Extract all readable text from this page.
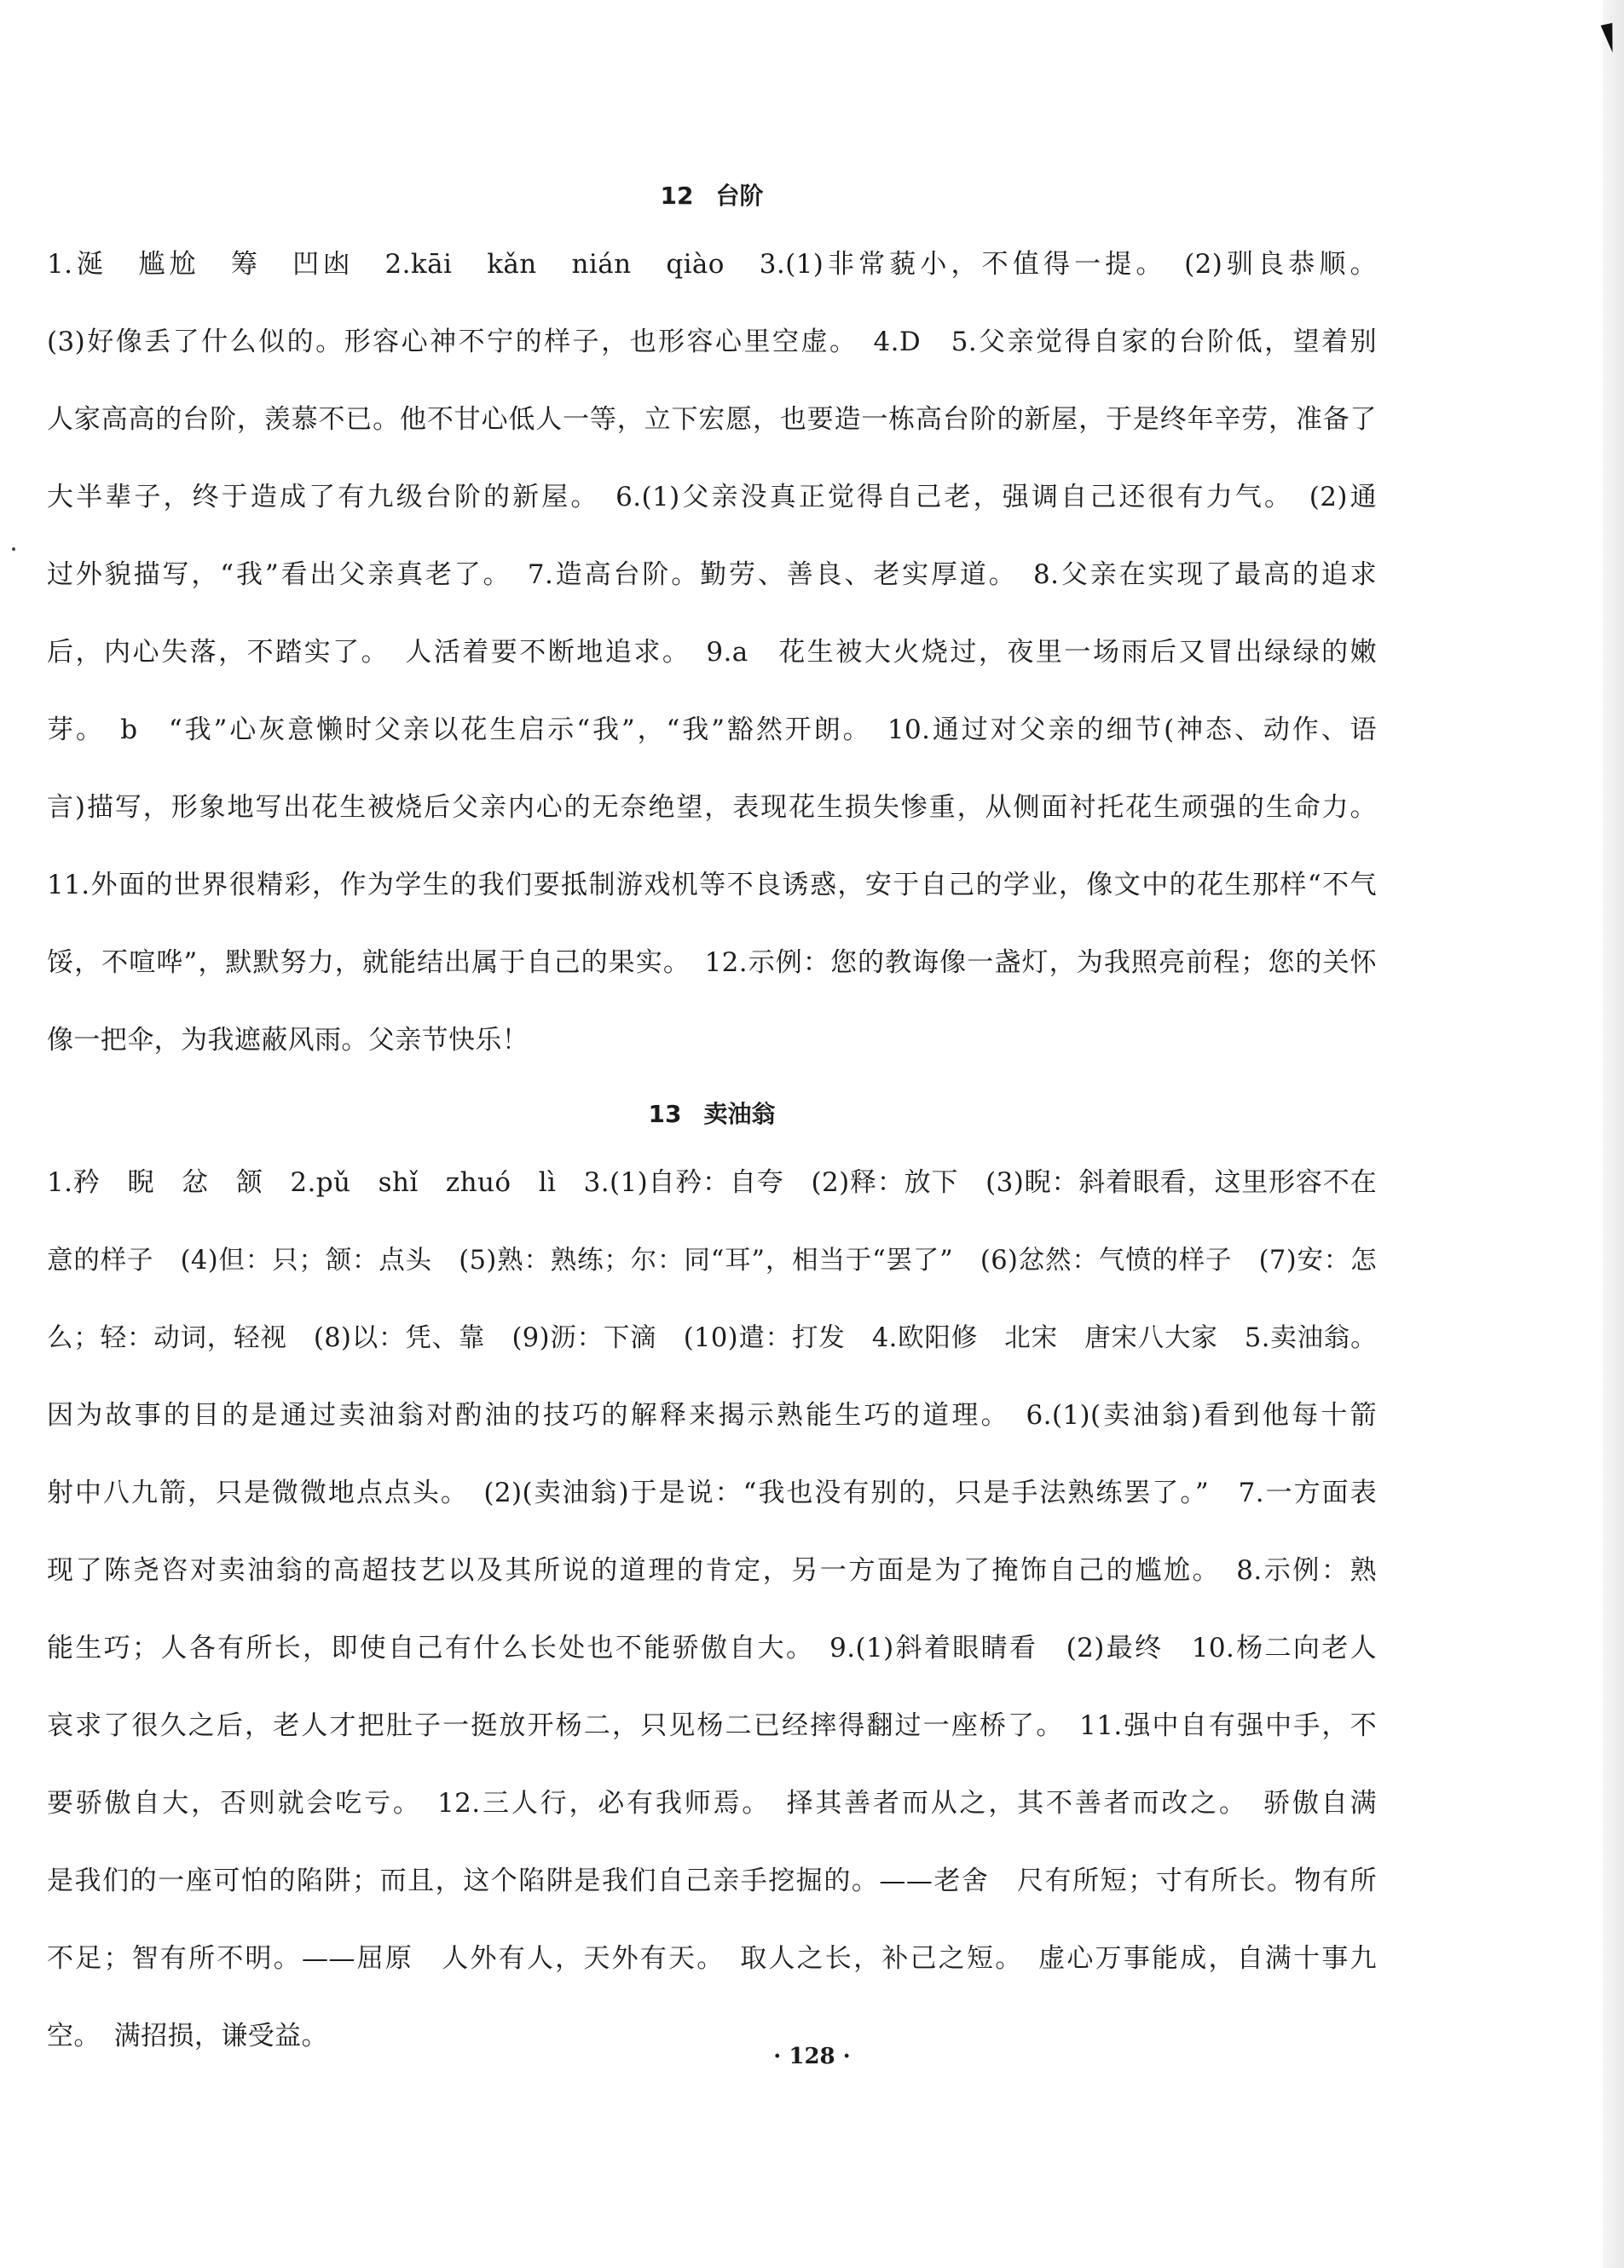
12 台阶
1.涎　尴尬　筹　凹凼　2.kāi　kǎn　nián　qiào　3.(1)非常藐小，不值得一提。　(2)驯良恭顺。
(3)好像丢了什么似的。形容心神不宁的样子，也形容心里空虚。　4.D　5.父亲觉得自家的台阶低，望着别
人家高高的台阶，羡慕不已。他不甘心低人一等，立下宏愿，也要造一栋高台阶的新屋，于是终年辛劳，准备了
大半辈子，终于造成了有九级台阶的新屋。　6.(1)父亲没真正觉得自己老，强调自己还很有力气。　(2)通
过外貌描写，“我”看出父亲真老了。　7.造高台阶。勤劳、善良、老实厚道。　8.父亲在实现了最高的追求
后，内心失落，不踏实了。　人活着要不断地追求。　9.a　花生被大火烧过，夜里一场雨后又冒出绿绿的嫩
芽。　b　“我”心灰意懒时父亲以花生启示“我”，“我”豁然开朗。　10.通过对父亲的细节(神态、动作、语
言)描写，形象地写出花生被烧后父亲内心的无奈绝望，表现花生损失惨重，从侧面衬托花生顽强的生命力。
11.外面的世界很精彩，作为学生的我们要抵制游戏机等不良诱惑，安于自己的学业，像文中的花生那样“不气
馁，不喧哗”，默默努力，就能结出属于自己的果实。　12.示例：您的教诲像一盏灯，为我照亮前程；您的关怀
像一把伞，为我遮蔽风雨。父亲节快乐！
13 卖油翁
1.矜　睨　忿　颔　2.pǔ　shǐ　zhuó　lì　3.(1)自矜：自夸　(2)释：放下　(3)睨：斜着眼看，这里形容不在
意的样子　(4)但：只；颔：点头　(5)熟：熟练；尔：同“耳”，相当于“罢了”　(6)忿然：气愤的样子　(7)安：怎
么；轻：动词，轻视　(8)以：凭、靠　(9)沥：下滴　(10)遣：打发　4.欧阳修　北宋　唐宋八大家　5.卖油翁。
因为故事的目的是通过卖油翁对酌油的技巧的解释来揭示熟能生巧的道理。　6.(1)(卖油翁)看到他每十箭
射中八九箭，只是微微地点点头。　(2)(卖油翁)于是说：“我也没有别的，只是手法熟练罢了。”　7.一方面表
现了陈尧咨对卖油翁的高超技艺以及其所说的道理的肯定，另一方面是为了掩饰自己的尴尬。　8.示例：熟
能生巧；人各有所长，即使自己有什么长处也不能骄傲自大。　9.(1)斜着眼睛看　(2)最终　10.杨二向老人
哀求了很久之后，老人才把肚子一挺放开杨二，只见杨二已经摔得翻过一座桥了。　11.强中自有强中手，不
要骄傲自大，否则就会吃亏。　12.三人行，必有我师焉。　择其善者而从之，其不善者而改之。　骄傲自满
是我们的一座可怕的陷阱；而且，这个陷阱是我们自己亲手挖掘的。——老舍　尺有所短；寸有所长。物有所
不足；智有所不明。——屈原　人外有人，天外有天。　取人之长，补己之短。　虚心万事能成，自满十事九
空。　满招损，谦受益。
· 128 ·
